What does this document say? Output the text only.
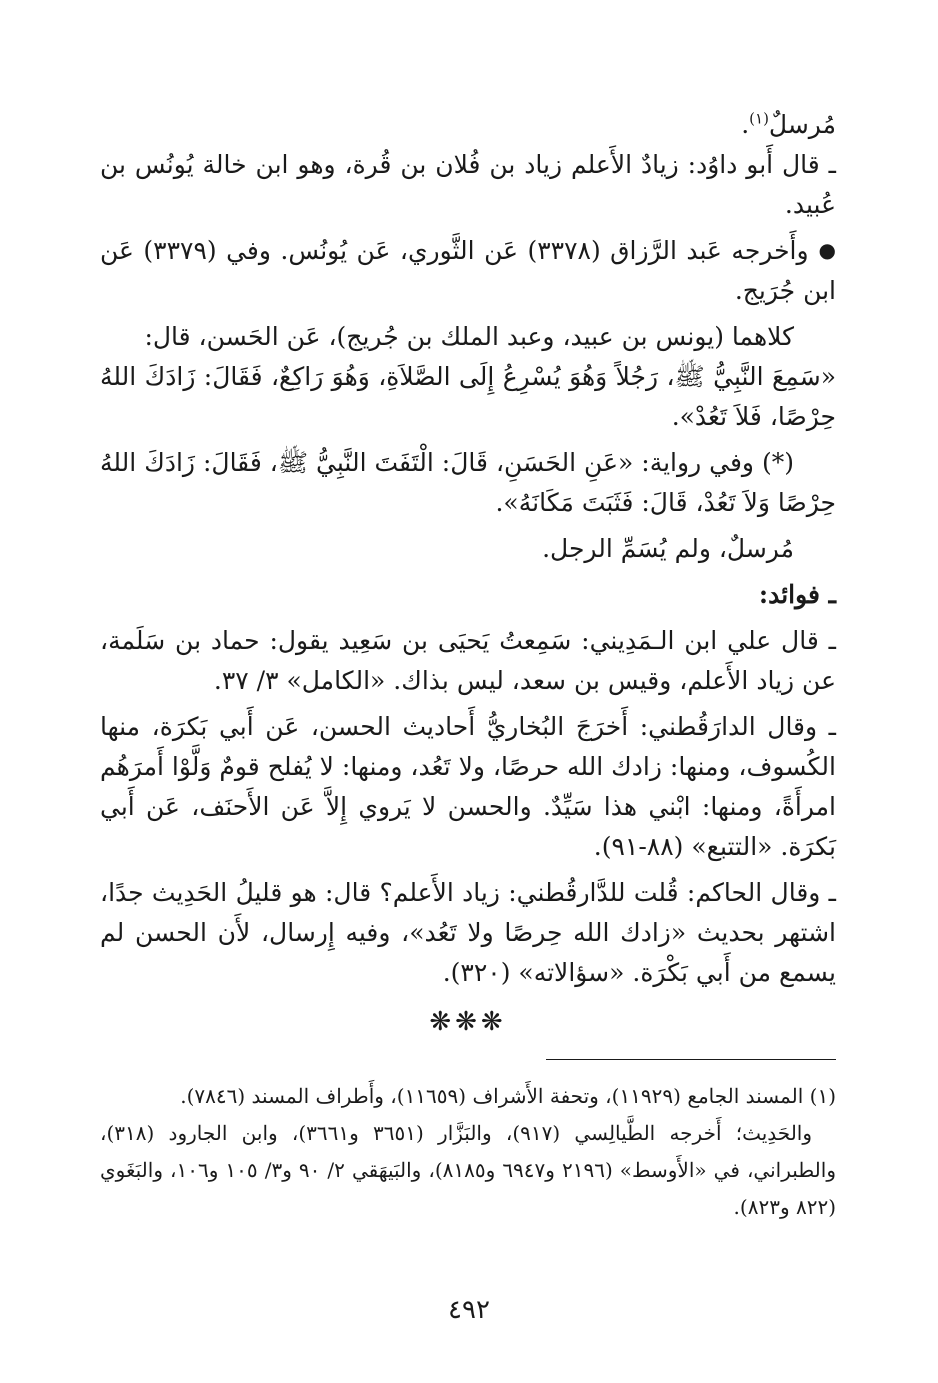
مُرسلٌ$^{(١)}$.

ـ قال أَبو داوُد: زيادٌ الأَعلم زياد بن فُلان بن قُرة، وهو ابن خالة يُونُس بن عُبيد.

●وأَخرجه عَبد الرَّزاق (٣٣٧٨) عَن الثَّوري، عَن يُونُس. وفي (٣٣٧٩) عَن ابن جُرَيج.

كلاهما (يونس بن عبيد، وعبد الملك بن جُريج)، عَن الحَسن، قال:

«سَمِعَ النَّبِيُّ ﷺ، رَجُلاً وَهُوَ يُسْرِعُ إِلَى الصَّلاَةِ، وَهُوَ رَاكِعٌ، فَقَالَ: زَادَكَ اللهُ حِرْصًا، فَلاَ تَعُدْ».

(*) وفي رواية: «عَنِ الحَسَنِ، قَالَ: الْتَفَتَ النَّبِيُّ ﷺ، فَقَالَ: زَادَكَ اللهُ حِرْصًا وَلاَ تَعُدْ، قَالَ: فَثَبَتَ مَكَانَهُ».

مُرسلٌ، ولم يُسَمِّ الرجل.

ـ فوائد:

ـ قال علي ابن الـمَدِيني: سَمِعتُ يَحيَى بن سَعِيد يقول: حماد بن سَلَمة، عن زياد الأَعلم، وقيس بن سعد، ليس بذاك. «الكامل» ٣/ ٣٧.

ـ وقال الدارَقُطني: أَخرَجَ البُخاريُّ أَحاديث الحسن، عَن أَبي بَكرَة، منها الكُسوف، ومنها: زادك الله حرصًا، ولا تَعُد، ومنها: لا يُفلح قومٌ وَلَّوْا أَمرَهُم امرأَةً، ومنها: ابْني هذا سَيِّدٌ. والحسن لا يَروي إِلاَّ عَن الأَحنَف، عَن أَبي بَكرَة. «التتبع» (٨٨-٩١).

ـ وقال الحاكم: قُلت للدَّارقُطني: زياد الأَعلم؟ قال: هو قليلُ الحَدِيث جدًا، اشتهر بحديث «زادك الله حِرصًا ولا تَعُد»، وفيه إِرسال، لأَن الحسن لم يسمع من أَبي بَكْرَة. «سؤالاته» (٣٢٠).

❋❋❋

(١) المسند الجامع (١١٩٢٩)، وتحفة الأَشراف (١١٦٥٩)، وأَطراف المسند (٧٨٤٦).

والحَدِيث؛ أَخرجه الطَّيالِسي (٩١٧)، والبَزَّار (٣٦٥١ و٣٦٦١)، وابن الجارود (٣١٨)، والطبراني، في «الأَوسط» (٢١٩٦ و٦٩٤٧ و٨١٨٥)، والبَيهَقي ٢/ ٩٠ و٣/ ١٠٥ و١٠٦، والبَغَوي (٨٢٢ و٨٢٣).

٤٩٢
